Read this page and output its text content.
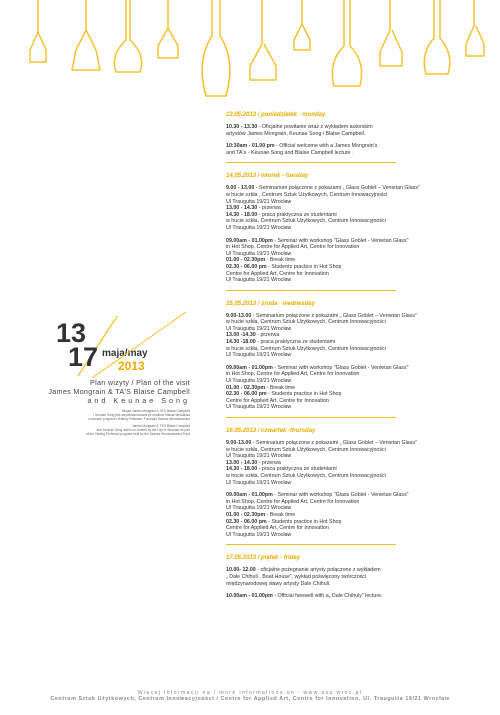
13
17 maja/may
2013
Plan wizyty / Plan of the visit
James Mongrain & TA'S Blaise Campbell
and Keunae Song
Wizyta James Mongrain & TA'S Blaise Campbell
i Keunae Song jest współfinansowana ze środków Miasta Wrocławia
w ramach programu Visiting Professor, Fundacja Szansa Wrocławianina
James Mongrain & TA'S Blaise Campbell
and Keunae Song visit is co-funded by the City of Wroclaw as part
of the Visiting Professor program held by the Szansa Wroclawianina Fund
13.05.2013 / poniedziałek - monday
10.30 - 13.30 - Oficjalne powitanie wraz z wykładem autorskim
artystów James Mongrain, Keunae Song i Blaise Campbell.
10:30am - 01.00 pm - Official welcome with a James Mongrain's
and TA's - Keunae Song and Blaise Campbell lecture .
14.05.2013 / wtorek - tuesday
9.00 - 13.00 - Seminarium połączone z pokazami „ Glass Goblet – Venietan Glass”
w hucie szkła , Centrum Sztuk Użytkowych, Centrum Innowacyjności
Ul Traugutta 19/21 Wrocław
13.00 - 14.30 - przerwa
14.30 - 18.00 - praca praktyczna ze studentami
w hucie szkła, Centrum Sztuk Użytkowych, Centrum Innowacyjności
Ul Traugutta 19/21 Wrocław
09.00am - 01.00pm - Seminar with workshop "Glass Goblet - Venietan Glass"
in Hot Shop, Centre for Applied Art, Centre for Innovation
Ul Traugutta 19/21 Wrocław
01.00 - 02.30pm - Break time
02.30 - 06.00 pm - Students practice in Hot Shop
Centre for Applied Art, Centre for Innovation
Ul Traugutta 19/21 Wrocław
15.05.2013 / środa - wednesday
9.00-13.00 - Seminarium połączone z pokazami „ Glass Goblet – Venietan Glass”
w hucie szkła, Centrum Sztuk Użytkowych, Centrum Innowacyjności
Ul Traugutta 19/21 Wrocław
13.00 -14.30 - przerwa
14.30 -18.00 - praca praktyczna ze studentami
w hucie szkła, Centrum Sztuk Użytkowych, Centrum Innowacyjności
Ul Traugutta 19/21 Wrocław
09.00am - 01.00pm - Seminar with workshop "Glass Goblet - Venietan Glass"
in Hot Shop, Centre for Applied Art, Centre for Innovation
Ul Traugutta 19/21 Wrocław
01.00 - 02.30pm - Break time
02.30 - 06.00 pm - Students practice in Hot Shop
Centre for Applied Art, Centre for Innovation
Ul Traugutta 19/21 Wrocław
16.05.2013 / czwartek -thursday
9.00-13.00 - Seminarium połączone z pokazami „ Glass Goblet – Venietan Glass”
w hucie szkła, Centrum Sztuk Użytkowych, Centrum Innowacyjności
Ul Traugutta 19/21 Wrocław
13.00 - 14.30 - przerwa
14.30 - 18.00 - praca praktyczna ze studentami
w hucie szkła, Centrum Sztuk Użytkowych, Centrum Innowacyjności
Ul Traugutta 19/21 Wrocław
09.00am - 01.00pm - Seminar with workshop "Glass Goblet - Venietan Glass"
in Hot Shop, Centre for Applied Art, Centre for Innovation
Ul Traugutta 19/21 Wrocław
01.00 - 02.30pm - Break time
02.30 - 06.00 pm - Students practice in Hot Shop
Centre for Applied Art, Centre for Innovation
Ul Traugutta 19/21 Wrocław
17.05.2013 / piątek - friday
10.00- 12.00 - oficjalne pożegnanie artysty połączone z wykładem
„ Dale Chihuli , Boat House”, wykład poświęcony twórczości
międzynarodowej sławy artysty Dale Chihuli.
10.00am - 01.00pm - Official farewell with a„ Dale Chihuly” lecture.
Więcej informacji na / more informations on : www.asp.wroc.pl
Centrum Sztuk Użytkowych, Centrum Innowacyjności / Centre for Applied Art, Centre for Innovation, Ul. Traugutta 19/21 Wrocław
